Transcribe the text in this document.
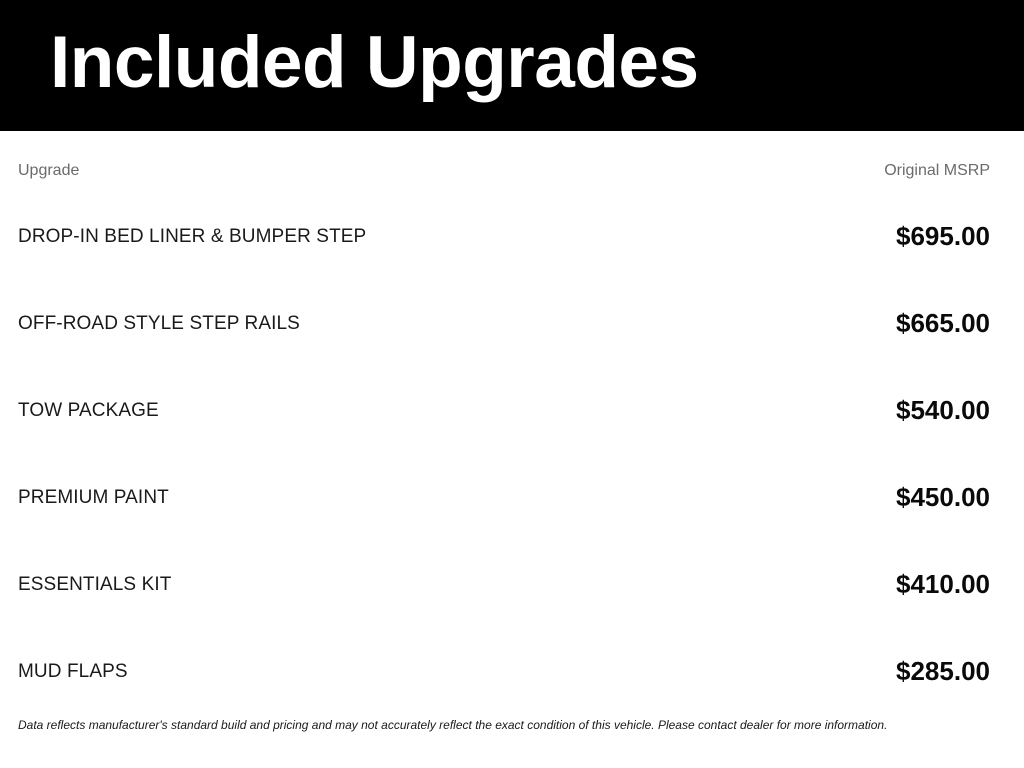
Included Upgrades
Upgrade	Original MSRP
DROP-IN BED LINER & BUMPER STEP	$695.00
OFF-ROAD STYLE STEP RAILS	$665.00
TOW PACKAGE	$540.00
PREMIUM PAINT	$450.00
ESSENTIALS KIT	$410.00
MUD FLAPS	$285.00
Data reflects manufacturer's standard build and pricing and may not accurately reflect the exact condition of this vehicle. Please contact dealer for more information.
